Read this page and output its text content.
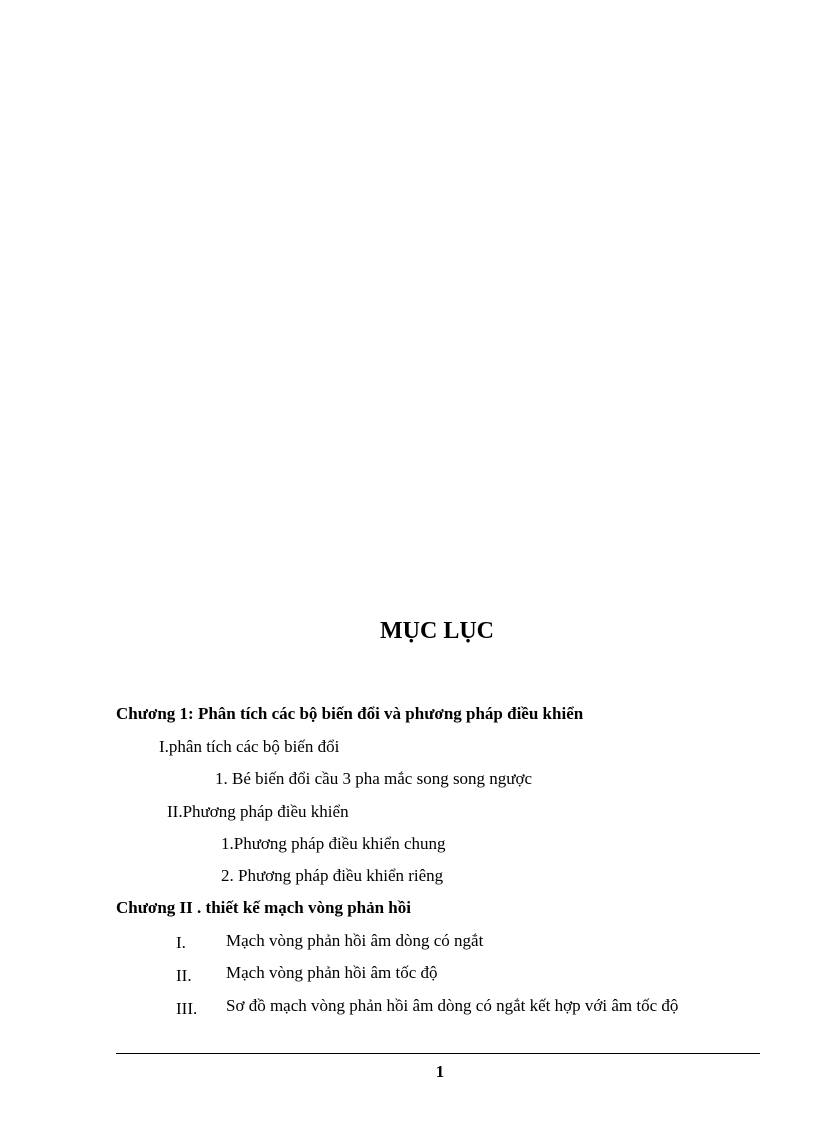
MỤC LỤC
Chương 1: Phân tích các bộ biến đổi và phương pháp điều khiển
I.phân tích các bộ biến đổi
1. Bé biến đổi cầu 3 pha mắc song song ngược
II.Phương pháp điều khiển
1.Phương pháp điều khiển chung
2. Phương pháp điều khiển riêng
Chương II . thiết kế mạch vòng phản hồi
I. Mạch vòng phản hồi âm dòng có ngắt
II. Mạch vòng phản hồi âm tốc độ
III. Sơ đồ mạch vòng phản hồi âm dòng có ngắt kết hợp với âm tốc độ
1
